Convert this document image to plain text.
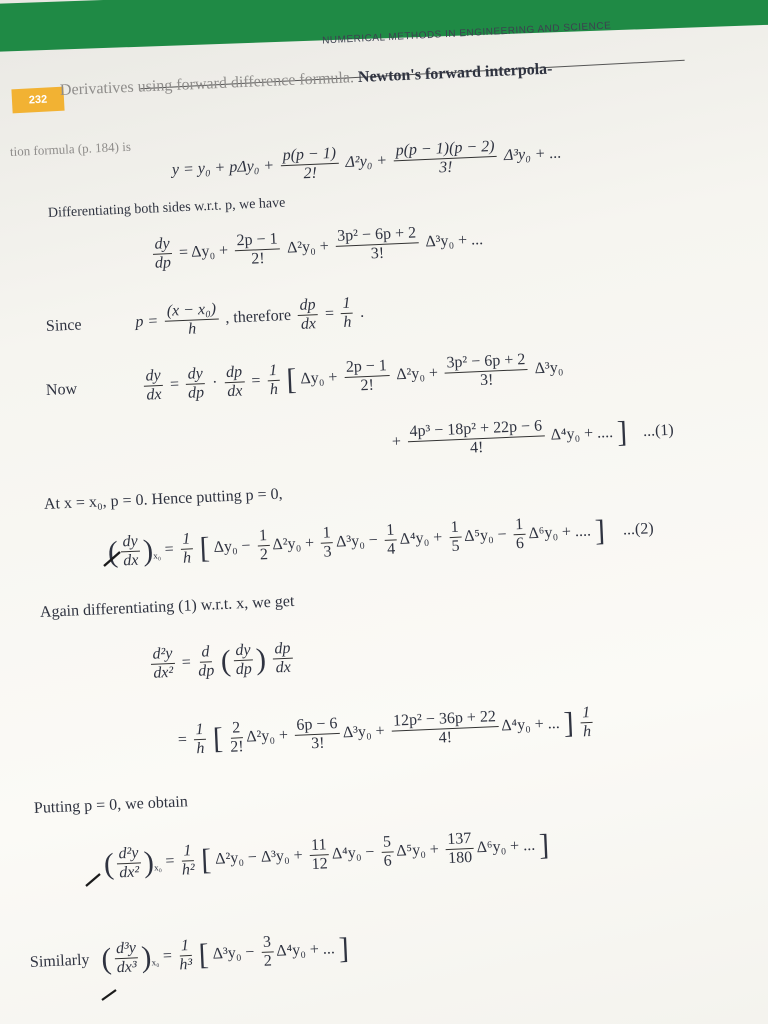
NUMERICAL METHODS IN ENGINEERING AND SCIENCE
232
Derivatives using forward difference formula. Newton's forward interpola-
tion formula (p. 184) is
$y = y_0 + p\Delta y_0 + \frac{p(p - 1)}{2!} \Delta^2y_0 + \frac{p(p - 1)(p - 2)}{3!} \Delta^3y_0$ + ...
Differentiating both sides w.r.t. p, we have
$\frac{dy}{dp} = \Delta y_0 + \frac{2p - 1}{2!} \Delta^2y_0 + \frac{\text{3p² − 6p + 2}}{3!} \Delta^3y_0$ + ...
Since	$p = \frac{\text{(x − x₀)}}{h}$ , therefore $\frac{dp}{dx} = \frac{1}{h}$ .
Now	$\frac{dy}{dx} = \frac{dy}{dp} \cdot \frac{dp}{dx} = \frac{1}{h}$ [ $\Delta y_0 + \frac{2p - 1}{2!} \Delta^2y_0 + \frac{\text{3p² − 6p + 2}}{3!} \Delta^3y_0$
+ $\frac{\text{4p³ − 18p² + 22p − 6}}{4!} \Delta^4y_0$ + .... ] ...(1)
At x = x₀, p = 0. Hence putting p = 0,
( $\frac{dy}{dx} )_{x_0} = \frac{1}{h}$ [ $\Delta y_0 - \frac{1}{2} \Delta^2y_0 + \frac{1}{3} \Delta^3y_0 - \frac{1}{4} \Delta^4y_0 + \frac{1}{5} \Delta^5y_0 - \frac{1}{6} \Delta^6y_0$ + .... ] ...(2)
Again differentiating (1) w.r.t. x, we get
$\frac{\text{d²y}}{\text{dx²}} = \frac{d}{dp}$ ( $\frac{dy}{dp}$ ) $\frac{dp}{dx}$
= $\frac{1}{h}$ [ $\frac{2}{2!} \Delta^2y_0 + \frac{6p - 6}{3!} \Delta^3y_0 + \frac{\text{12p² − 36p + 22}}{4!} \Delta^4y_0$ + ... ] $\frac{1}{h}$
Putting p = 0, we obtain
( $\frac{\text{d²y}}{\text{dx²}} )_{x_0} = \frac{1}{\text{h²}}$ [ $\Delta^2y_0 - \Delta^3y_0 + \frac{11}{12} \Delta^4y_0 - \frac{5}{6} \Delta^5y_0 + \frac{137}{180} \Delta^6y_0$ + ... ]
Similarly ( $\frac{\text{d³y}}{\text{dx³}} )_{x_0} = \frac{1}{\text{h³}}$ [ $\Delta^3y_0 - \frac{3}{2} \Delta^4y_0$ + ... ]
